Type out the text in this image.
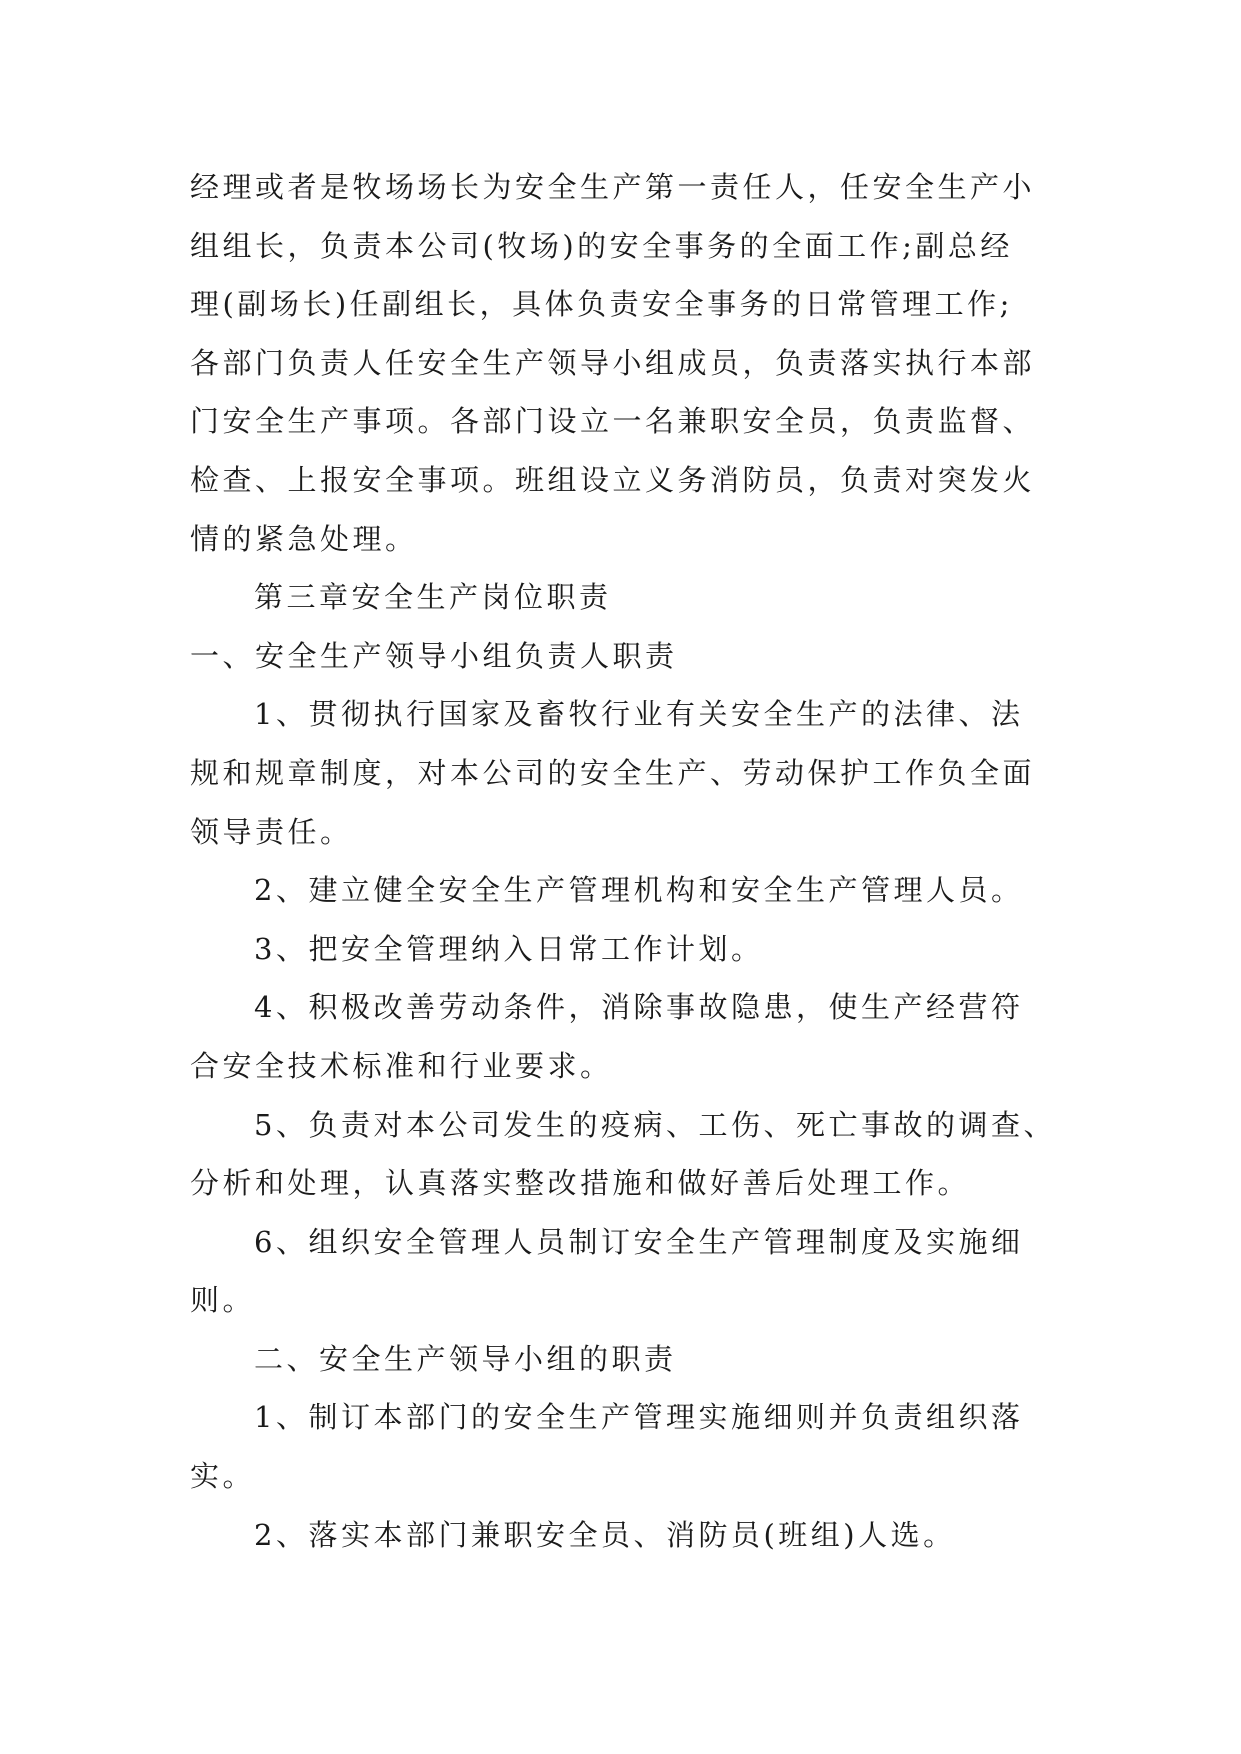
经理或者是牧场场长为安全生产第一责任人，任安全生产小
组组长，负责本公司(牧场)的安全事务的全面工作;副总经
理(副场长)任副组长，具体负责安全事务的日常管理工作;
各部门负责人任安全生产领导小组成员，负责落实执行本部
门安全生产事项。各部门设立一名兼职安全员，负责监督、
检查、上报安全事项。班组设立义务消防员，负责对突发火
情的紧急处理。
第三章安全生产岗位职责
一、安全生产领导小组负责人职责
1、贯彻执行国家及畜牧行业有关安全生产的法律、法
规和规章制度，对本公司的安全生产、劳动保护工作负全面
领导责任。
2、建立健全安全生产管理机构和安全生产管理人员。
3、把安全管理纳入日常工作计划。
4、积极改善劳动条件，消除事故隐患，使生产经营符
合安全技术标准和行业要求。
5、负责对本公司发生的疫病、工伤、死亡事故的调查、
分析和处理，认真落实整改措施和做好善后处理工作。
6、组织安全管理人员制订安全生产管理制度及实施细
则。
二、安全生产领导小组的职责
1、制订本部门的安全生产管理实施细则并负责组织落
实。
2、落实本部门兼职安全员、消防员(班组)人选。
